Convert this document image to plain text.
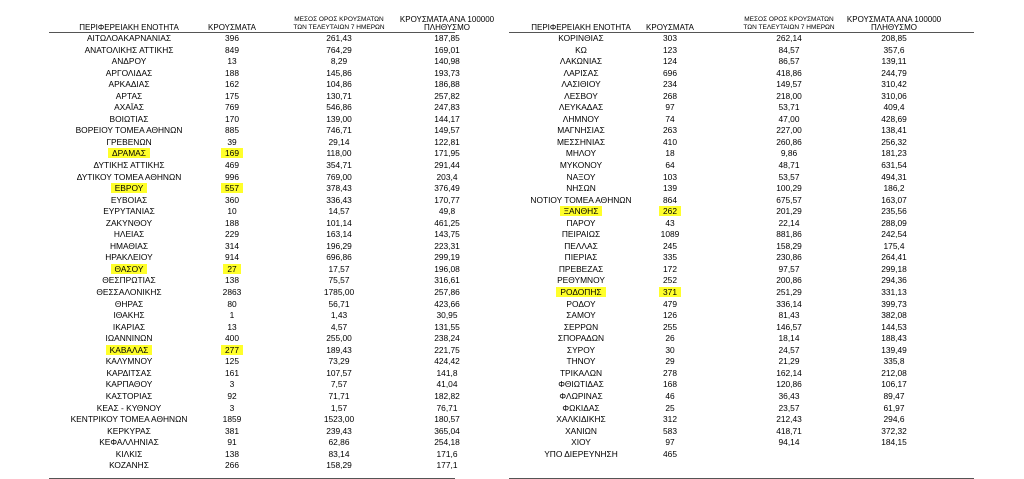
ΠΕΡΙΦΕΡΕΙΑΚΗ ΕΝΟΤΗΤΑ	ΚΡΟΥΣΜΑΤΑ
ΜΕΣΟΣ ΟΡΟΣ ΚΡΟΥΣΜΑΤΩΝ
ΤΩΝ ΤΕΛΕΥΤΑΙΩΝ 7 ΗΜΕΡΩΝ
ΚΡΟΥΣΜΑΤΑ ΑΝΑ 100000
ΠΛΗΘΥΣΜΟ
ΑΙΤΩΛΟΑΚΑΡΝΑΝΙΑΣ	396	261,43	187,85
ΑΝΑΤΟΛΙΚΗΣ ΑΤΤΙΚΗΣ	849	764,29	169,01
ΑΝΔΡΟΥ	13	8,29	140,98
ΑΡΓΟΛΙΔΑΣ	188	145,86	193,73
ΑΡΚΑΔΙΑΣ	162	104,86	186,88
ΑΡΤΑΣ	175	130,71	257,82
ΑΧΑΪΑΣ	769	546,86	247,83
ΒΟΙΩΤΙΑΣ	170	139,00	144,17
ΒΟΡΕΙΟΥ ΤΟΜΕΑ ΑΘΗΝΩΝ	885	746,71	149,57
ΓΡΕΒΕΝΩΝ	39	29,14	122,81
ΔΡΑΜΑΣ	169	118,00	171,95
ΔΥΤΙΚΗΣ ΑΤΤΙΚΗΣ	469	354,71	291,44
ΔΥΤΙΚΟΥ ΤΟΜΕΑ ΑΘΗΝΩΝ	996	769,00	203,4
ΕΒΡΟΥ	557	378,43	376,49
ΕΥΒΟΙΑΣ	360	336,43	170,77
ΕΥΡΥΤΑΝΙΑΣ	10	14,57	49,8
ΖΑΚΥΝΘΟΥ	188	101,14	461,25
ΗΛΕΙΑΣ	229	163,14	143,75
ΗΜΑΘΙΑΣ	314	196,29	223,31
ΗΡΑΚΛΕΙΟΥ	914	696,86	299,19
ΘΑΣΟΥ	27	17,57	196,08
ΘΕΣΠΡΩΤΙΑΣ	138	75,57	316,61
ΘΕΣΣΑΛΟΝΙΚΗΣ	2863	1785,00	257,86
ΘΗΡΑΣ	80	56,71	423,66
ΙΘΑΚΗΣ	1	1,43	30,95
ΙΚΑΡΙΑΣ	13	4,57	131,55
ΙΩΑΝΝΙΝΩΝ	400	255,00	238,24
ΚΑΒΑΛΑΣ	277	189,43	221,75
ΚΑΛΥΜΝΟΥ	125	73,29	424,42
ΚΑΡΔΙΤΣΑΣ	161	107,57	141,8
ΚΑΡΠΑΘΟΥ	3	7,57	41,04
ΚΑΣΤΟΡΙΑΣ	92	71,71	182,82
ΚΕΑΣ - ΚΥΘΝΟΥ	3	1,57	76,71
ΚΕΝΤΡΙΚΟΥ ΤΟΜΕΑ ΑΘΗΝΩΝ	1859	1523,00	180,57
ΚΕΡΚΥΡΑΣ	381	239,43	365,04
ΚΕΦΑΛΛΗΝΙΑΣ	91	62,86	254,18
ΚΙΛΚΙΣ	138	83,14	171,6
ΚΟΖΑΝΗΣ	266	158,29	177,1
ΠΕΡΙΦΕΡΕΙΑΚΗ ΕΝΟΤΗΤΑ	ΚΡΟΥΣΜΑΤΑ
ΜΕΣΟΣ ΟΡΟΣ ΚΡΟΥΣΜΑΤΩΝ
ΤΩΝ ΤΕΛΕΥΤΑΙΩΝ 7 ΗΜΕΡΩΝ
ΚΡΟΥΣΜΑΤΑ ΑΝΑ 100000
ΠΛΗΘΥΣΜΟ
ΚΟΡΙΝΘΙΑΣ	303	262,14	208,85
ΚΩ	123	84,57	357,6
ΛΑΚΩΝΙΑΣ	124	86,57	139,11
ΛΑΡΙΣΑΣ	696	418,86	244,79
ΛΑΣΙΘΙΟΥ	234	149,57	310,42
ΛΕΣΒΟΥ	268	218,00	310,06
ΛΕΥΚΑΔΑΣ	97	53,71	409,4
ΛΗΜΝΟΥ	74	47,00	428,69
ΜΑΓΝΗΣΙΑΣ	263	227,00	138,41
ΜΕΣΣΗΝΙΑΣ	410	260,86	256,32
ΜΗΛΟΥ	18	9,86	181,23
ΜΥΚΟΝΟΥ	64	48,71	631,54
ΝΑΞΟΥ	103	53,57	494,31
ΝΗΣΩΝ	139	100,29	186,2
ΝΟΤΙΟΥ ΤΟΜΕΑ ΑΘΗΝΩΝ	864	675,57	163,07
ΞΑΝΘΗΣ	262	201,29	235,56
ΠΑΡΟΥ	43	22,14	288,09
ΠΕΙΡΑΙΩΣ	1089	881,86	242,54
ΠΕΛΛΑΣ	245	158,29	175,4
ΠΙΕΡΙΑΣ	335	230,86	264,41
ΠΡΕΒΕΖΑΣ	172	97,57	299,18
ΡΕΘΥΜΝΟΥ	252	200,86	294,36
ΡΟΔΟΠΗΣ	371	251,29	331,13
ΡΟΔΟΥ	479	336,14	399,73
ΣΑΜΟΥ	126	81,43	382,08
ΣΕΡΡΩΝ	255	146,57	144,53
ΣΠΟΡΑΔΩΝ	26	18,14	188,43
ΣΥΡΟΥ	30	24,57	139,49
ΤΗΝΟΥ	29	21,29	335,8
ΤΡΙΚΑΛΩΝ	278	162,14	212,08
ΦΘΙΩΤΙΔΑΣ	168	120,86	106,17
ΦΛΩΡΙΝΑΣ	46	36,43	89,47
ΦΩΚΙΔΑΣ	25	23,57	61,97
ΧΑΛΚΙΔΙΚΗΣ	312	212,43	294,6
ΧΑΝΙΩΝ	583	418,71	372,32
ΧΙΟΥ	97	94,14	184,15
ΥΠΟ ΔΙΕΡΕΥΝΗΣΗ	465
